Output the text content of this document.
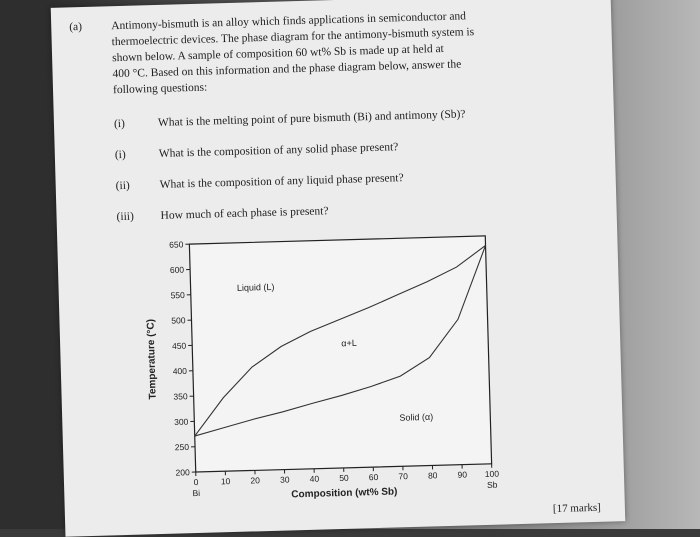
(a)	Antimony-bismuth is an alloy which finds applications in semiconductor and
thermoelectric devices. The phase diagram for the antimony-bismuth system is
shown below. A sample of composition 60 wt% Sb is made up at held at
400 °C. Based on this information and the phase diagram below, answer the
following questions:
(i)	What is the melting point of pure bismuth (Bi) and antimony (Sb)?
(i)	What is the composition of any solid phase present?
(ii)	What is the composition of any liquid phase present?
(iii) How much of each phase is present?
200
250
300
350
400
450
500
550
600
650
0	10 20 30 40 50 60 70 80 90 100
Bi
Sb
Composition (wt% Sb)
Temperature (°C)
Liquid (L)
α+L
Solid (α)
[17 marks]
